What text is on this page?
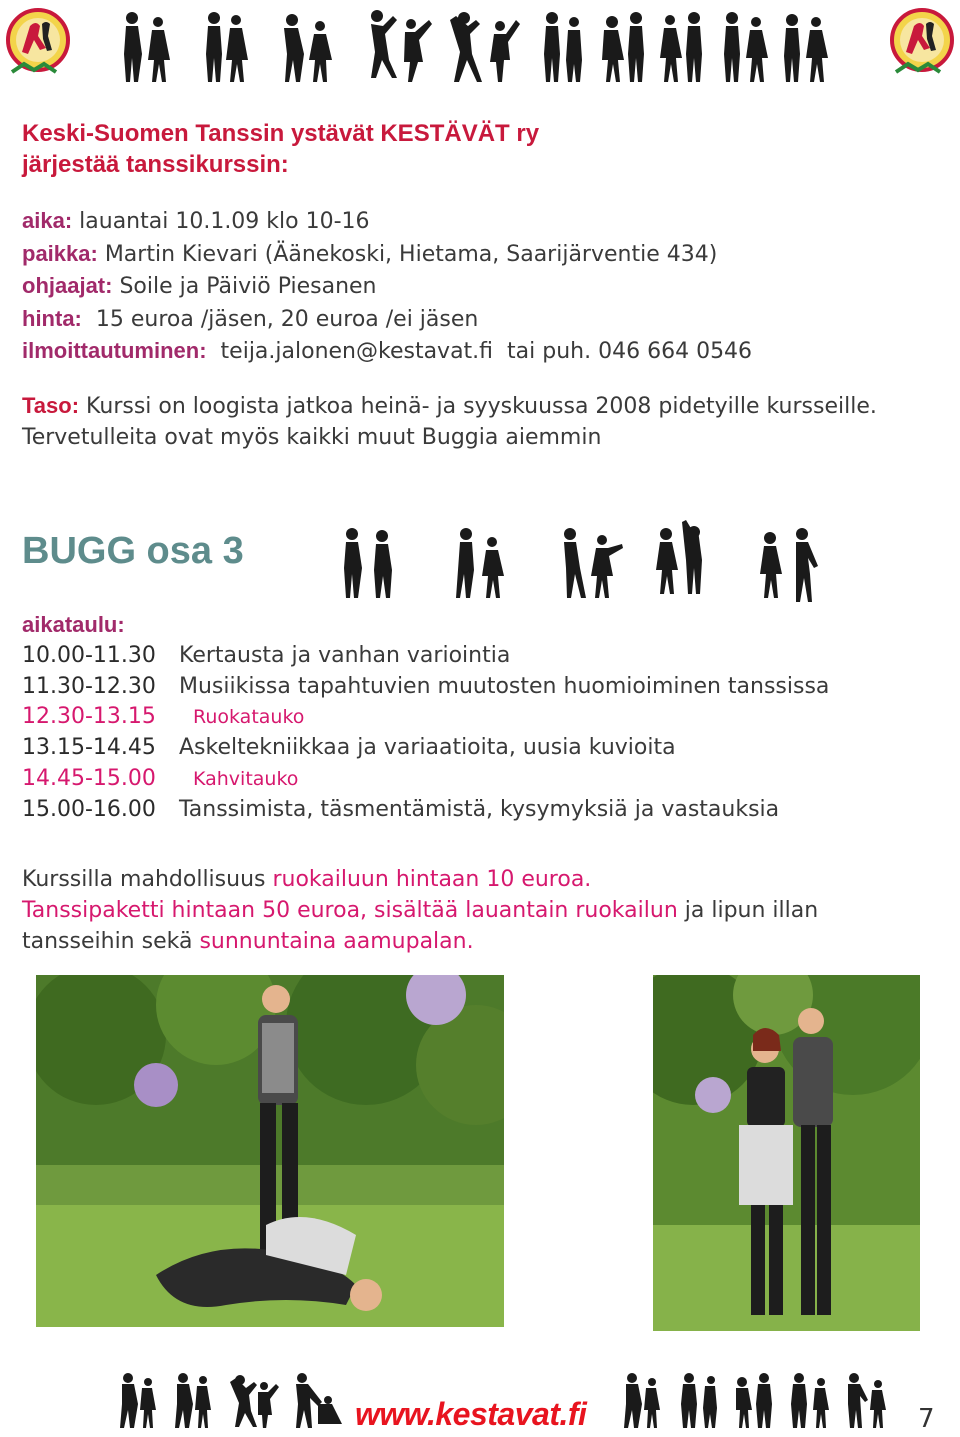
Keski-Suomen Tanssin ystävät KESTÄVÄT ry
järjestää tanssikurssin:
aika: lauantai 10.1.09 klo 10-16
paikka: Martin Kievari (Äänekoski, Hietama, Saarijärventie 434)
ohjaajat: Soile ja Päiviö Piesanen
hinta: 15 euroa /jäsen, 20 euroa /ei jäsen
ilmoittautuminen: teija.jalonen@kestavat.fi tai puh. 046 664 0546
Taso: Kurssi on loogista jatkoa heinä- ja syyskuussa 2008 pidetyille kursseille. Tervetulleita ovat myös kaikki muut Buggia aiemmin
BUGG osa 3
aikataulu:
10.00-11.30	Kertausta ja vanhan variointia
11.30-12.30	Musiikissa tapahtuvien muutosten huomioiminen tanssissa
12.30-13.15	Ruokatauko
13.15-14.45	Askeltekniikkaa ja variaatioita, uusia kuvioita
14.45-15.00	Kahvitauko
15.00-16.00	Tanssimista, täsmentämistä, kysymyksiä ja vastauksia
Kurssilla mahdollisuus ruokailuun hintaan 10 euroa.
Tanssipaketti hintaan 50 euroa, sisältää lauantain ruokailun ja lipun illan
tansseihin sekä sunnuntaina aamupalan.
www.kestavat.fi	7
